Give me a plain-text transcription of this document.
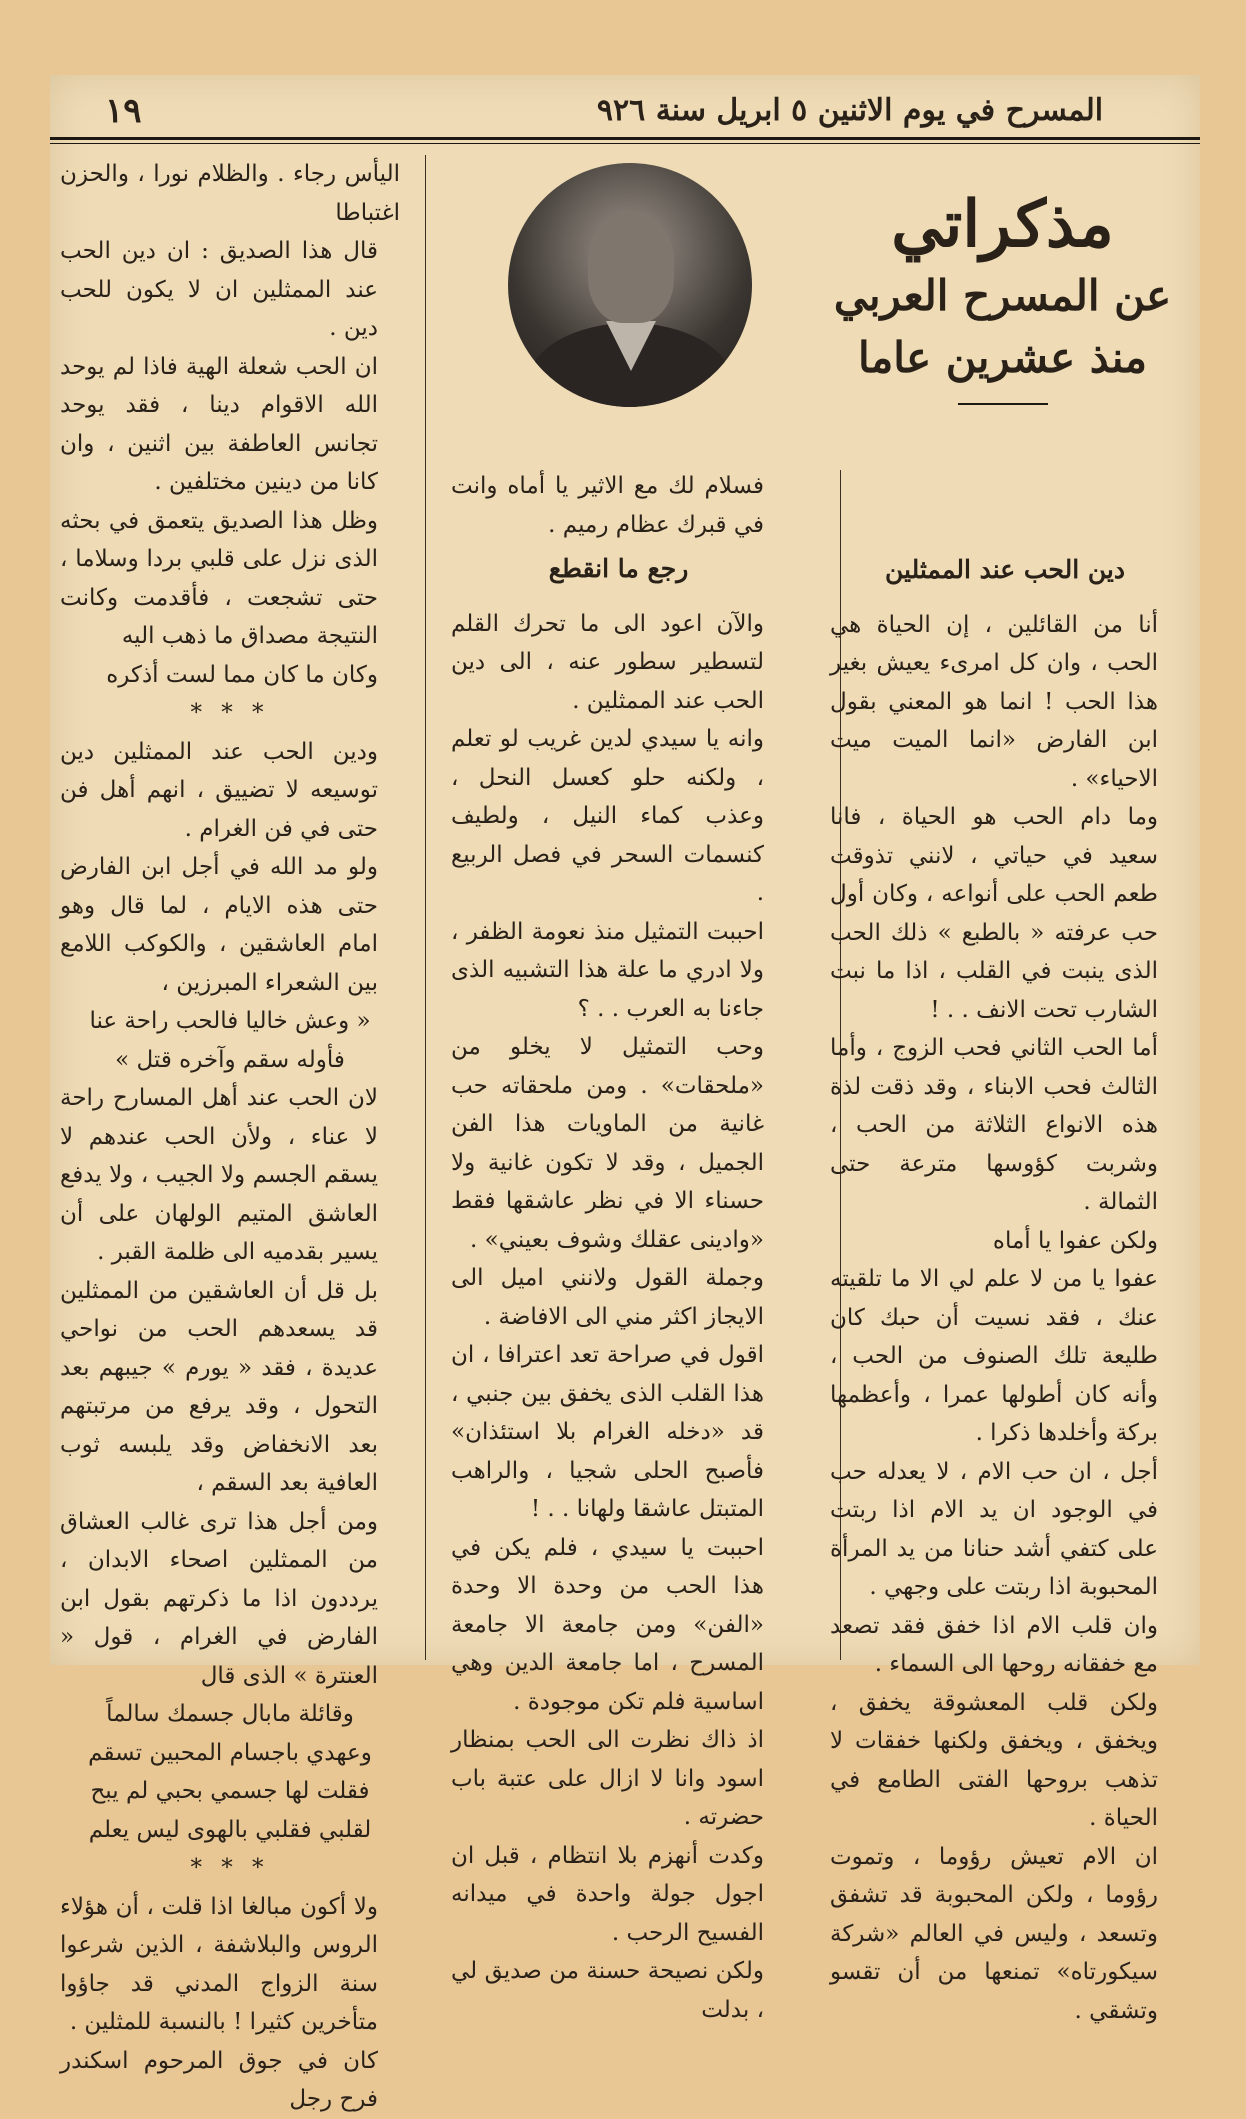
المسرح في يوم الاثنين ٥ ابريل سنة ٩٢٦
١٩
مذكراتي
عن المسرح العربي
منذ عشرين عاما
دين الحب عند الممثلين

أنا من القائلين ، إن الحياة هي الحب ، وان كل امرىء يعيش بغير هذا الحب ! انما هو المعني بقول ابن الفارض «انما الميت ميت الاحياء» .

وما دام الحب هو الحياة ، فانا سعيد في حياتي ، لانني تذوقت طعم الحب على أنواعه ، وكان أول حب عرفته « بالطبع » ذلك الحب الذى ينبت في القلب ، اذا ما نبت الشارب تحت الانف . . !

أما الحب الثاني فحب الزوج ، وأما الثالث فحب الابناء ، وقد ذقت لذة هذه الانواع الثلاثة من الحب ، وشربت كؤوسها مترعة حتى الثمالة .

ولكن عفوا يا أماه

عفوا يا من لا علم لي الا ما تلقيته عنك ، فقد نسيت أن حبك كان طليعة تلك الصنوف من الحب ، وأنه كان أطولها عمرا ، وأعظمها بركة وأخلدها ذكرا .

أجل ، ان حب الام ، لا يعدله حب في الوجود ان يد الام اذا ربتت على كتفي أشد حنانا من يد المرأة المحبوبة اذا ربتت على وجهي .

وان قلب الام اذا خفق فقد تصعد مع خفقانه روحها الى السماء .

ولكن قلب المعشوقة يخفق ، ويخفق ، ويخفق ولكنها خفقات لا تذهب بروحها الفتى الطامع في الحياة .

ان الام تعيش رؤوما ، وتموت رؤوما ، ولكن المحبوبة قد تشفق وتسعد ، وليس في العالم «شركة سيكورتاه» تمنعها من أن تقسو وتشقي .

فسلام لك مع الاثير يا أماه وانت في قبرك عظام رميم .

رجع ما انقطع

والآن اعود الى ما تحرك القلم لتسطير سطور عنه ، الى دين الحب عند الممثلين .

وانه يا سيدي لدين غريب لو تعلم ، ولكنه حلو كعسل النحل ، وعذب كماء النيل ، ولطيف كنسمات السحر في فصل الربيع .

احببت التمثيل منذ نعومة الظفر ، ولا ادري ما علة هذا التشبيه الذى جاءنا به العرب . . ؟

وحب التمثيل لا يخلو من «ملحقات» . ومن ملحقاته حب غانية من الماويات هذا الفن الجميل ، وقد لا تكون غانية ولا حسناء الا في نظر عاشقها فقط «وادينى عقلك وشوف بعيني» .

وجملة القول ولانني اميل الى الايجاز اكثر مني الى الافاضة .

اقول في صراحة تعد اعترافا ، ان هذا القلب الذى يخفق بين جنبي ، قد «دخله الغرام بلا استئذان» فأصبح الحلى شجيا ، والراهب المتبتل عاشقا ولهانا . . !

احببت يا سيدي ، فلم يكن في هذا الحب من وحدة الا وحدة «الفن» ومن جامعة الا جامعة المسرح ، اما جامعة الدين وهي اساسية فلم تكن موجودة .

اذ ذاك نظرت الى الحب بمنظار اسود وانا لا ازال على عتبة باب حضرته .

وكدت أنهزم بلا انتظام ، قبل ان اجول جولة واحدة في ميدانه الفسيح الرحب .

ولكن نصيحة حسنة من صديق لي ، بدلت

اليأس رجاء . والظلام نورا ، والحزن اغتباطا

قال هذا الصديق : ان دين الحب عند الممثلين ان لا يكون للحب دين .

ان الحب شعلة الهية فاذا لم يوحد الله الاقوام دينا ، فقد يوحد تجانس العاطفة بين اثنين ، وان كانا من دينين مختلفين .

وظل هذا الصديق يتعمق في بحثه الذى نزل على قلبي بردا وسلاما ، حتى تشجعت ، فأقدمت وكانت النتيجة مصداق ما ذهب اليه

وكان ما كان مما لست أذكره

* * *

ودين الحب عند الممثلين دين توسيعه لا تضييق ، انهم أهل فن حتى في فن الغرام .

ولو مد الله في أجل ابن الفارض حتى هذه الايام ، لما قال وهو امام العاشقين ، والكوكب اللامع بين الشعراء المبرزين ،

« وعش خاليا فالحب راحة عنا
فأوله سقم وآخره قتل »

لان الحب عند أهل المسارح راحة لا عناء ، ولأن الحب عندهم لا يسقم الجسم ولا الجيب ، ولا يدفع العاشق المتيم الولهان على أن يسير بقدميه الى ظلمة القبر .

بل قل أن العاشقين من الممثلين قد يسعدهم الحب من نواحي عديدة ، فقد « يورم » جيبهم بعد التحول ، وقد يرفع من مرتبتهم بعد الانخفاض وقد يلبسه ثوب العافية بعد السقم ،

ومن أجل هذا ترى غالب العشاق من الممثلين اصحاء الابدان ، يرددون اذا ما ذكرتهم بقول ابن الفارض في الغرام ، قول « العنترة » الذى قال

وقائلة مابال جسمك سالماً
وعهدي باجسام المحبين تسقم
فقلت لها جسمي بحبي لم يبح
لقلبي فقلبي بالهوى ليس يعلم
* * *

ولا أكون مبالغا اذا قلت ، أن هؤلاء الروس والبلاشفة ، الذين شرعوا سنة الزواج المدني قد جاؤوا متأخرين كثيرا ! بالنسبة للمثلين .

كان في جوق المرحوم اسكندر فرح رجل
